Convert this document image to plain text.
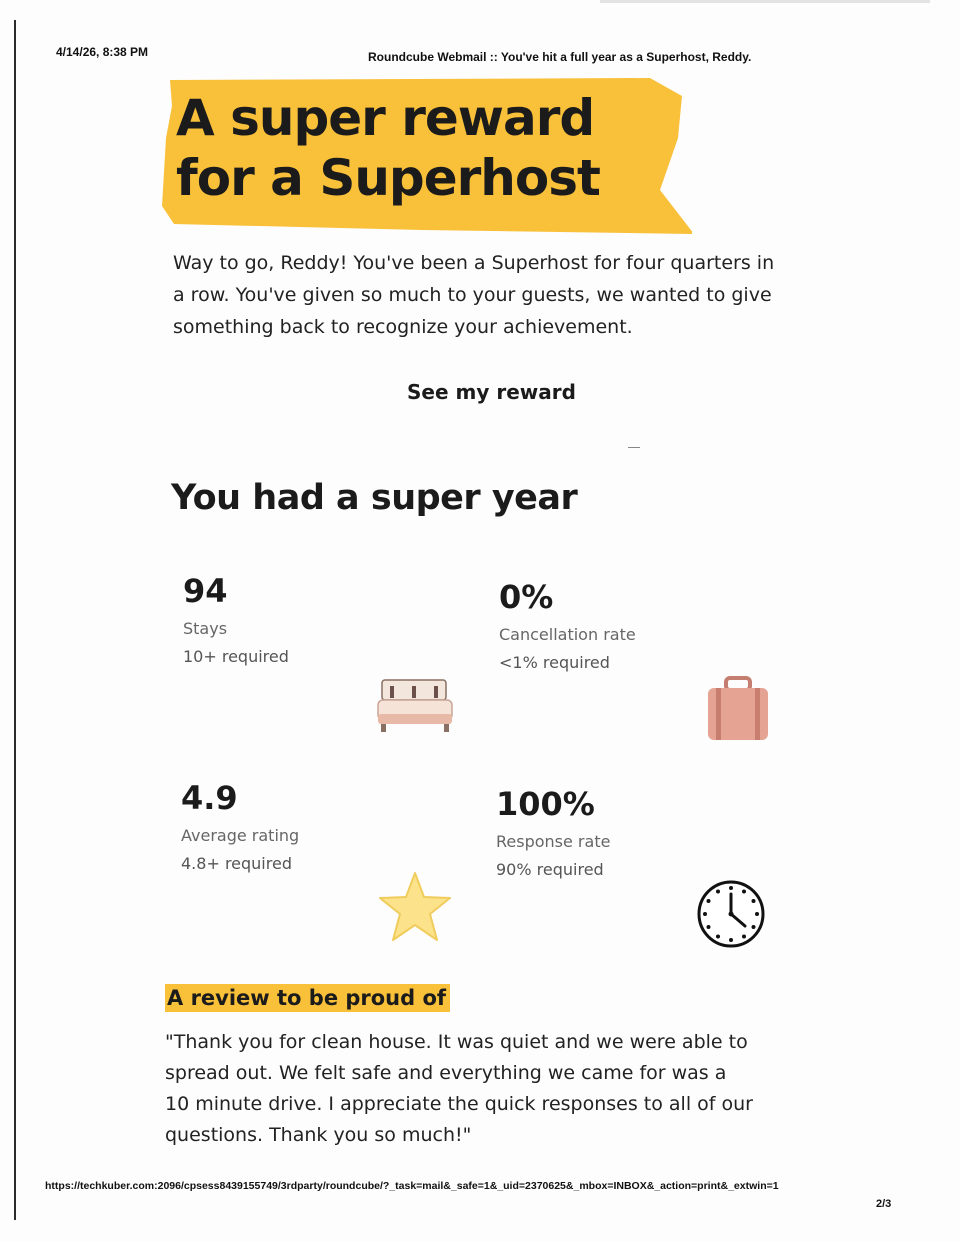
4/14/26, 8:38 PM	Roundcube Webmail :: You've hit a full year as a Superhost, Reddy.
A super reward for a Superhost
Way to go, Reddy! You've been a Superhost for four quarters in a row. You've given so much to your guests, we wanted to give something back to recognize your achievement.
See my reward
You had a super year
94
Stays
10+ required
0%
Cancellation rate
<1% required
4.9
Average rating
4.8+ required
100%
Response rate
90% required
A review to be proud of
"Thank you for clean house. It was quiet and we were able to spread out. We felt safe and everything we came for was a 10 minute drive. I appreciate the quick responses to all of our questions. Thank you so much!"
https://techkuber.com:2096/cpsess8439155749/3rdparty/roundcube/?_task=mail&_safe=1&_uid=2370625&_mbox=INBOX&_action=print&_extwin=1
2/3
